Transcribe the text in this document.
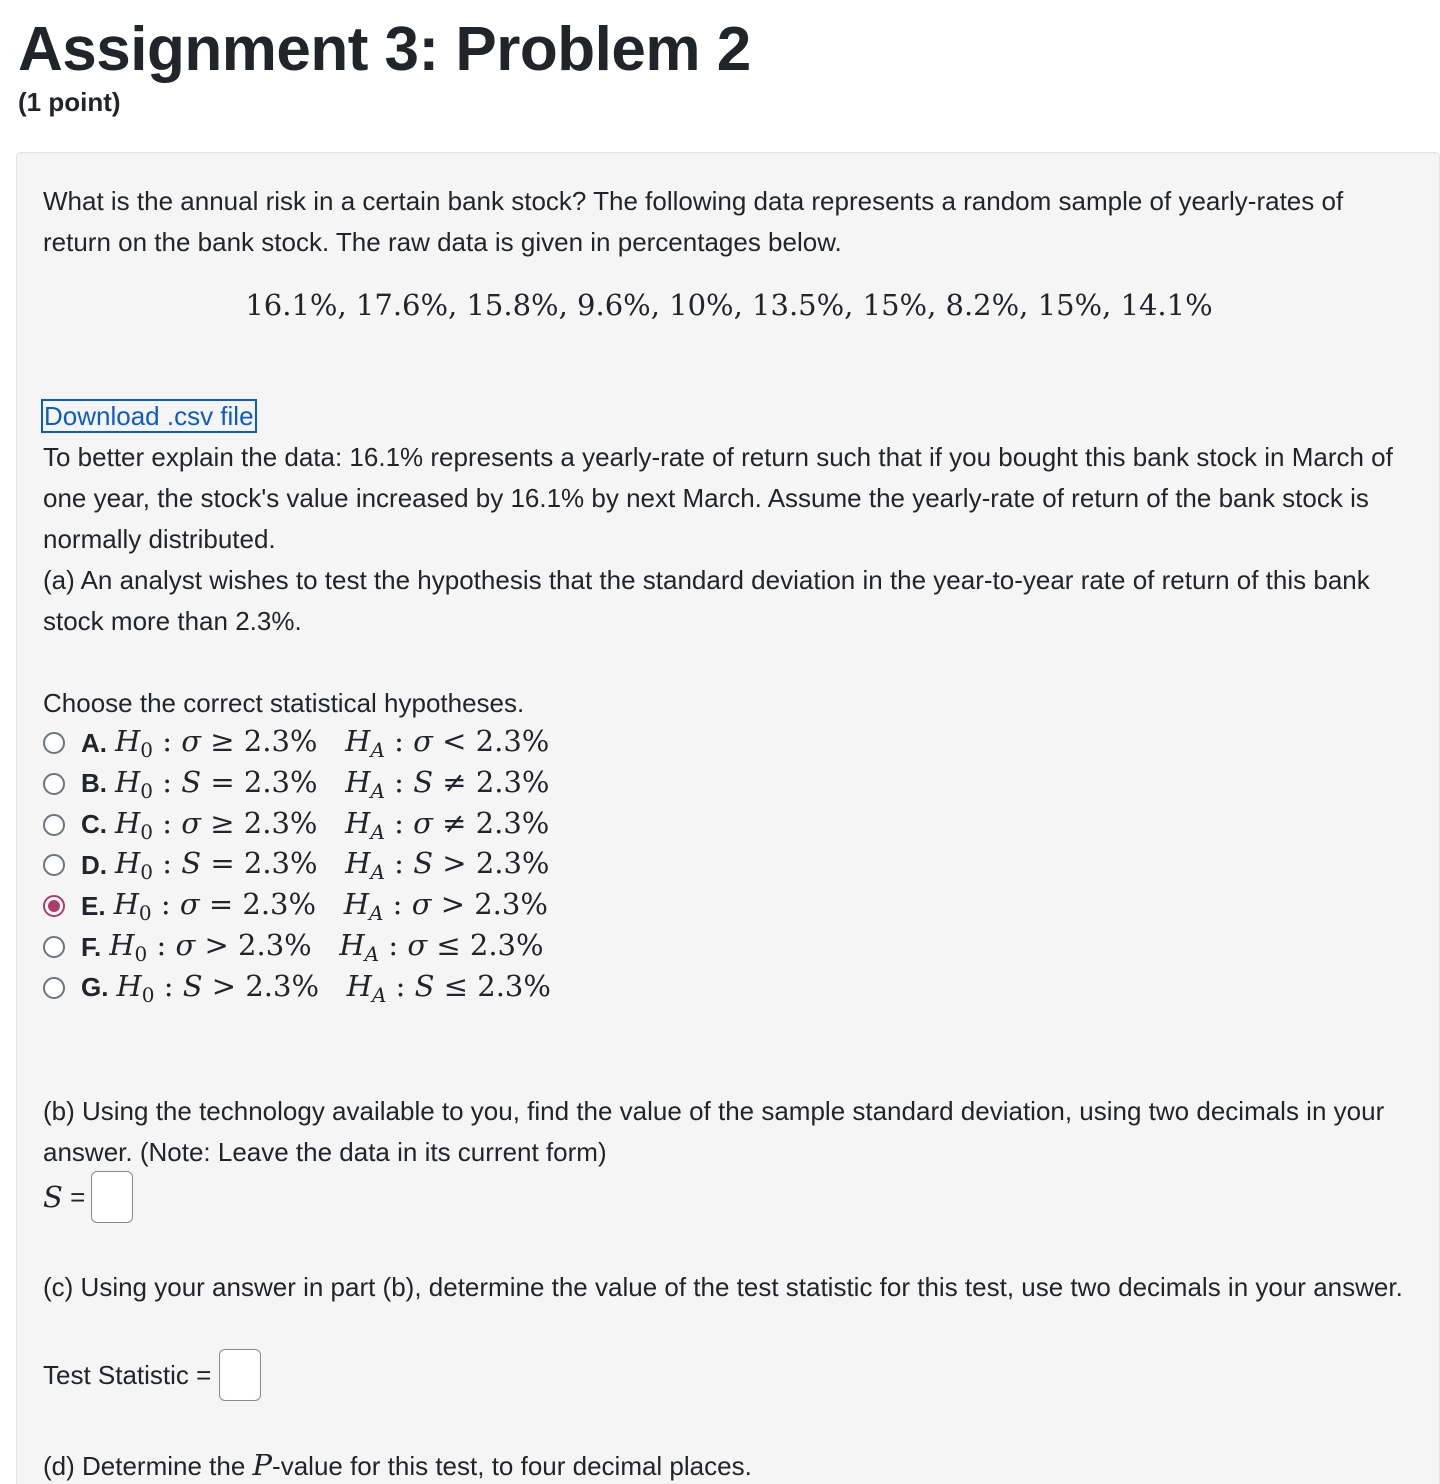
Assignment 3: Problem 2
(1 point)
What is the annual risk in a certain bank stock? The following data represents a random sample of yearly-rates of return on the bank stock. The raw data is given in percentages below.
16.1%, 17.6%, 15.8%, 9.6%, 10%, 13.5%, 15%, 8.2%, 15%, 14.1%
Download .csv file
To better explain the data: 16.1% represents a yearly-rate of return such that if you bought this bank stock in March of one year, the stock's value increased by 16.1% by next March. Assume the yearly-rate of return of the bank stock is normally distributed.
(a) An analyst wishes to test the hypothesis that the standard deviation in the year-to-year rate of return of this bank stock more than 2.3%.
Choose the correct statistical hypotheses.
A. $H_0$ : σ ≥ 2.3% $H_A$ : σ < 2.3%
B. $H_0$ : S = 2.3% $H_A$ : S ≠ 2.3%
C. $H_0$ : σ ≥ 2.3% $H_A$ : σ ≠ 2.3%
D. $H_0$ : S = 2.3% $H_A$ : S > 2.3%
E. $H_0$ : σ = 2.3% $H_A$ : σ > 2.3%
F. $H_0$ : σ > 2.3% $H_A$ : σ ≤ 2.3%
G. $H_0$ : S > 2.3% $H_A$ : S ≤ 2.3%
(b) Using the technology available to you, find the value of the sample standard deviation, using two decimals in your answer. (Note: Leave the data in its current form)
S =
(c) Using your answer in part (b), determine the value of the test statistic for this test, use two decimals in your answer.
Test Statistic =
(d) Determine the P-value for this test, to four decimal places.
